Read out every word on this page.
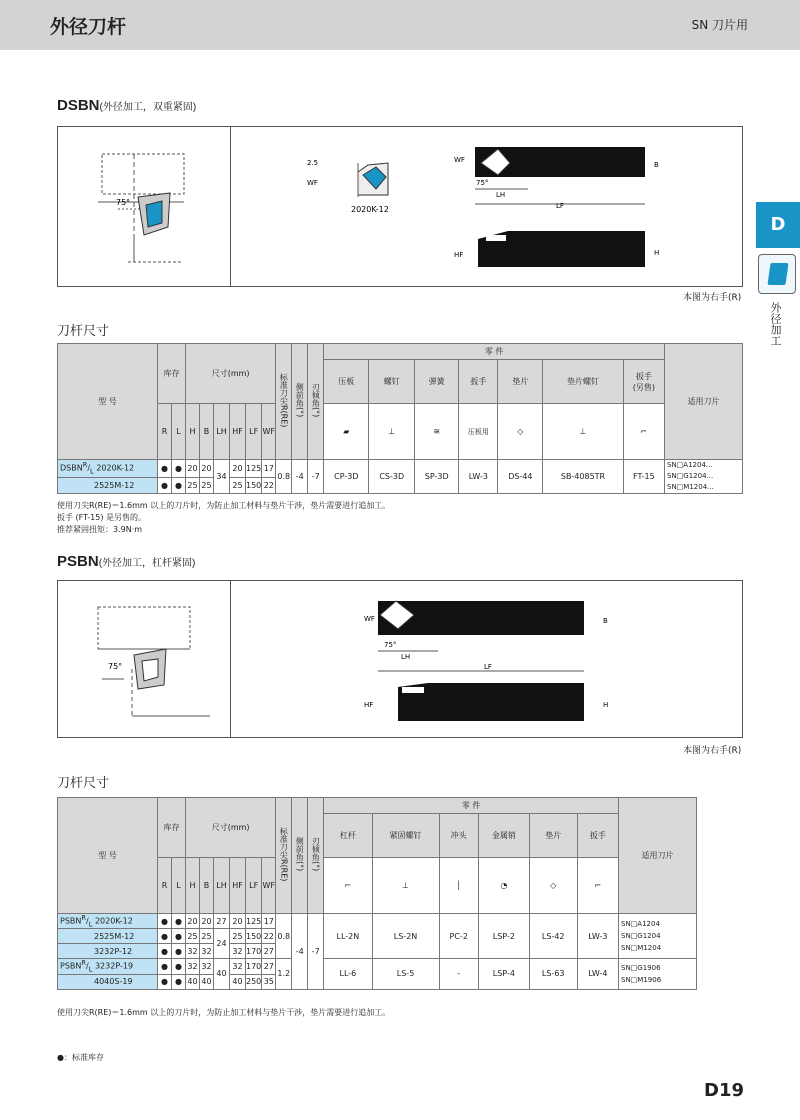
外径刀杆	SN 刀片用
D
外径加工
DSBN(外径加工，双重紧固)
75°
2.5
WF
2020K-12
LH
LF
B
WF
75°
HF	H
本图为右手(R)
刀杆尺寸
型 号	库存		尺寸(mm)						标准刀尖R(RE)	侧前角(°)	刃倾角(°)	零 件							适用刀片
												压板	螺钉	弹簧	扳手	垫片	垫片螺钉	扳手
(另售)	
	R	L	H	B	LH	HF	LF	WF				▰	⊥	≋	压板用	◇	⊥	⌐	
$DSBN^R/_L$ 2020K-12	●	●	20	20	34	20	125	17	0.8	-4	-7	CP-3D	CS-3D	SP-3D	LW-3	DS-44	SB-4085TR	FT-15	SN□A1204...
SN□G1204...
SN□M1204...

2525M-12	●	●	25	25		25	150	22											
使用刀尖R(RE)＝1.6mm 以上的刀片时，为防止加工材料与垫片干涉，垫片需要进行追加工。
扳手 (FT-15) 是另售的。
推荐紧固扭矩：3.9N·m
PSBN(外径加工，杠杆紧固)
75°
LH
LF
B
WF
75°
HF	H
本图为右手(R)
刀杆尺寸
型 号	库存		尺寸(mm)						标准刀尖R(RE)	侧前角(°)	刃倾角(°)	零 件						适用刀片
												杠杆	紧固螺钉	冲头	金属销	垫片	扳手	
	R	L	H	B	LH	HF	LF	WF				⌐	⊥	│	◔	◇	⌐	
$PSBN^R/_L$ 2020K-12	●	●	20	20	27	20	125	17	0.8	-4	-7	LL-2N	LS-2N	PC-2	LSP-2	LS-42	LW-3	SN□A1204
SN□G1204
SN□M1204

2525M-12	●	●	25	25	24	25	150	22										
3232P-12	●	●	32	32		32	170	27										
$PSBN^R/_L$ 3232P-19	●	●	32	32	40	32	170	27	1.2			LL-6	LS-5	-	LSP-4	LS-63	LW-4	SN□G1906
SN□M1906

4040S-19	●	●	40	40		40	250	35										
使用刀尖R(RE)＝1.6mm 以上的刀片时，为防止加工材料与垫片干涉，垫片需要进行追加工。
●：标准库存
D19
